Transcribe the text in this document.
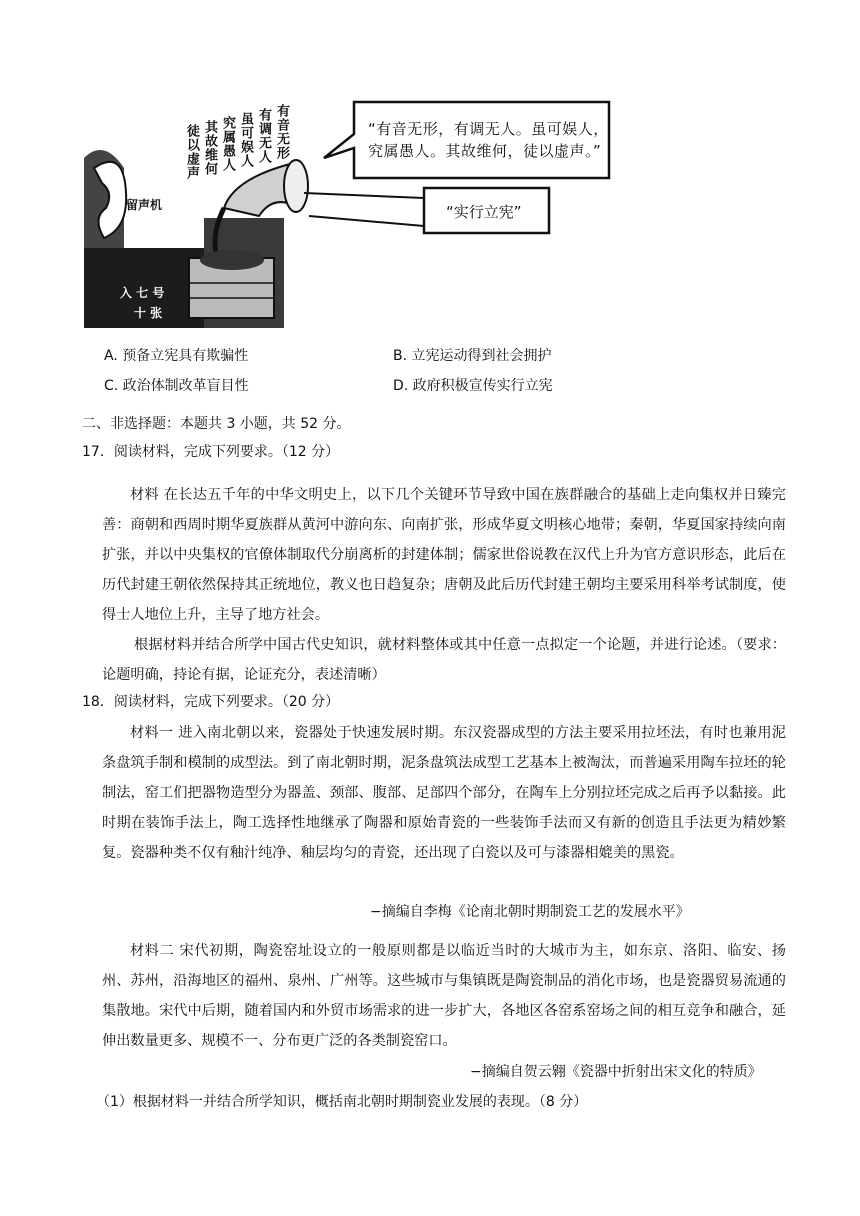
有音无形
有调无人
虽可娱人
究属愚人
其故维何
徒以虚声
留声机
入 七 号
十 张
“有音无形，有调无人。虽可娱人，
究属愚人。其故维何，徒以虚声。”
“实行立宪”
A. 预备立宪具有欺骗性	B. 立宪运动得到社会拥护
C. 政治体制改革盲目性	D. 政府积极宣传实行立宪
二、非选择题：本题共 3 小题，共 52 分。
17．阅读材料，完成下列要求。（12 分）
材料 在长达五千年的中华文明史上，以下几个关键环节导致中国在族群融合的基础上走向集权并日臻完善：商朝和西周时期华夏族群从黄河中游向东、向南扩张，形成华夏文明核心地带；秦朝，华夏国家持续向南扩张，并以中央集权的官僚体制取代分崩离析的封建体制；儒家世俗说教在汉代上升为官方意识形态，此后在历代封建王朝依然保持其正统地位，教义也日趋复杂；唐朝及此后历代封建王朝均主要采用科举考试制度，使得士人地位上升，主导了地方社会。
根据材料并结合所学中国古代史知识，就材料整体或其中任意一点拟定一个论题，并进行论述。（要求：论题明确，持论有据，论证充分，表述清晰）
18．阅读材料，完成下列要求。（20 分）
材料一 进入南北朝以来，瓷器处于快速发展时期。东汉瓷器成型的方法主要采用拉坯法，有时也兼用泥条盘筑手制和模制的成型法。到了南北朝时期，泥条盘筑法成型工艺基本上被淘汰，而普遍采用陶车拉坯的轮制法，窑工们把器物造型分为器盖、颈部、腹部、足部四个部分，在陶车上分别拉坯完成之后再予以黏接。此时期在装饰手法上，陶工选择性地继承了陶器和原始青瓷的一些装饰手法而又有新的创造且手法更为精妙繁复。瓷器种类不仅有釉汁纯净、釉层均匀的青瓷，还出现了白瓷以及可与漆器相媲美的黑瓷。
−摘编自李梅《论南北朝时期制瓷工艺的发展水平》
材料二 宋代初期，陶瓷窑址设立的一般原则都是以临近当时的大城市为主，如东京、洛阳、临安、扬州、苏州，沿海地区的福州、泉州、广州等。这些城市与集镇既是陶瓷制品的消化市场，也是瓷器贸易流通的集散地。宋代中后期，随着国内和外贸市场需求的进一步扩大，各地区各窑系窑场之间的相互竞争和融合，延伸出数量更多、规模不一、分布更广泛的各类制瓷窑口。
−摘编自贺云翱《瓷器中折射出宋文化的特质》
（1）根据材料一并结合所学知识，概括南北朝时期制瓷业发展的表现。（8 分）
